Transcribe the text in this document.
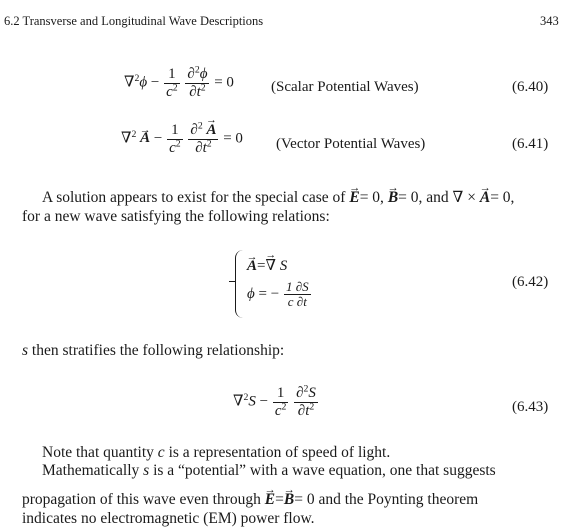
6.2 Transverse and Longitudinal Wave Descriptions	343
$\nabla^2\phi - \frac{1}{c^2}$
$\frac{\partial^2\phi}{\partial t^2} = 0$ (Scalar Potential Waves)	(6.40)
$\nabla^2 \to A - \frac{1}{c^2}$
$\frac{\partial^2 \to A}{\partial t^2} = 0$ (Vector Potential Waves)	(6.41)
A solution appears to exist for the special case of → E= 0, → B= 0, and ∇ × → A= 0,
for a new wave satisfying the following relations:
→ A=→ ∇ S
ϕ = − $\frac{1 \partial S}{c \partial t}$	(6.42)
s then stratifies the following relationship:
$\nabla^2S - \frac{1}{c^2}$
$\frac{\partial^2S}{\partial t^2}$	(6.43)
Note that quantity c is a representation of speed of light.
Mathematically s is a “potential” with a wave equation, one that suggests
propagation of this wave even through → E=→ B= 0 and the Poynting theorem
indicates no electromagnetic (EM) power flow.
